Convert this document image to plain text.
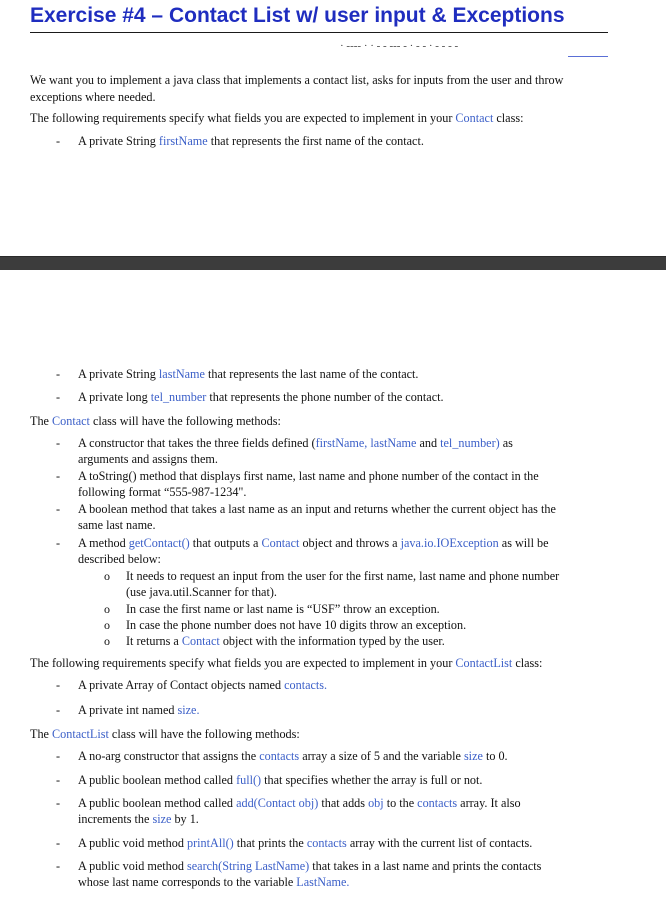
Exercise #4 – Contact List w/ user input & Exceptions
· ‑‑‑‑ · · ‑ ‑ ‑‑‑ ‑ · ‑ ‑ · ‑ ‑ ‑ ‑
We want you to implement a java class that implements a contact list, asks for inputs from the user and throw exceptions where needed.
The following requirements specify what fields you are expected to implement in your Contact class:
- A private String firstName that represents the first name of the contact.
- A private String lastName that represents the last name of the contact.
- A private long tel_number that represents the phone number of the contact.
The Contact class will have the following methods:
- A constructor that takes the three fields defined (firstName, lastName and tel_number) as
arguments and assigns them.
- A toString() method that displays first name, last name and phone number of the contact in the
following format “555-987-1234".
- A boolean method that takes a last name as an input and returns whether the current object has the
same last name.
- A method getContact() that outputs a Contact object and throws a java.io.IOException as will be
described below:
o It needs to request an input from the user for the first name, last name and phone number
(use java.util.Scanner for that).
o In case the first name or last name is “USF” throw an exception.
o In case the phone number does not have 10 digits throw an exception.
o It returns a Contact object with the information typed by the user.
The following requirements specify what fields you are expected to implement in your ContactList class:
- A private Array of Contact objects named contacts.
- A private int named size.
The ContactList class will have the following methods:
- A no-arg constructor that assigns the contacts array a size of 5 and the variable size to 0.
- A public boolean method called full() that specifies whether the array is full or not.
- A public boolean method called add(Contact obj) that adds obj to the contacts array. It also
increments the size by 1.
- A public void method printAll() that prints the contacts array with the current list of contacts.
- A public void method search(String LastName) that takes in a last name and prints the contacts
whose last name corresponds to the variable LastName.
